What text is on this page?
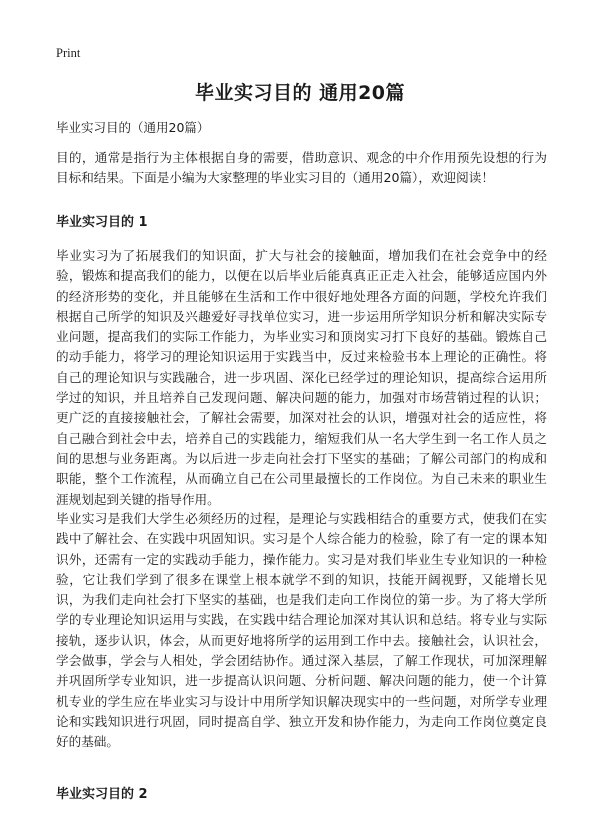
Print
毕业实习目的 通用20篇

毕业实习目的（通用20篇）

目的，通常是指行为主体根据自身的需要，借助意识、观念的中介作用预先设想的行为目标和结果。下面是小编为大家整理的毕业实习目的（通用20篇），欢迎阅读！

毕业实习目的 1

毕业实习为了拓展我们的知识面，扩大与社会的接触面，增加我们在社会竞争中的经验，锻炼和提高我们的能力，以便在以后毕业后能真真正正走入社会，能够适应国内外的经济形势的变化，并且能够在生活和工作中很好地处理各方面的问题，学校允许我们根据自己所学的知识及兴趣爱好寻找单位实习，进一步运用所学知识分析和解决实际专业问题，提高我们的实际工作能力，为毕业实习和顶岗实习打下良好的基础。锻炼自己的动手能力，将学习的理论知识运用于实践当中，反过来检验书本上理论的正确性。将自己的理论知识与实践融合，进一步巩固、深化已经学过的理论知识，提高综合运用所学过的知识，并且培养自己发现问题、解决问题的能力，加强对市场营销过程的认识；更广泛的直接接触社会，了解社会需要，加深对社会的认识，增强对社会的适应性，将自己融合到社会中去，培养自己的实践能力，缩短我们从一名大学生到一名工作人员之间的思想与业务距离。为以后进一步走向社会打下坚实的基础；了解公司部门的构成和职能，整个工作流程，从而确立自己在公司里最擅长的工作岗位。为自己未来的职业生涯规划起到关键的指导作用。

毕业实习是我们大学生必须经历的过程，是理论与实践相结合的重要方式，使我们在实践中了解社会、在实践中巩固知识。实习是个人综合能力的检验，除了有一定的课本知识外，还需有一定的实践动手能力，操作能力。实习是对我们毕业生专业知识的一种检验，它让我们学到了很多在课堂上根本就学不到的知识，技能开阔视野，又能增长见识，为我们走向社会打下坚实的基础，也是我们走向工作岗位的第一步。为了将大学所学的专业理论知识运用与实践，在实践中结合理论加深对其认识和总结。将专业与实际接轨，逐步认识，体会，从而更好地将所学的运用到工作中去。接触社会，认识社会，学会做事，学会与人相处，学会团结协作。通过深入基层，了解工作现状，可加深理解并巩固所学专业知识，进一步提高认识问题、分析问题、解决问题的能力，使一个计算机专业的学生应在毕业实习与设计中用所学知识解决现实中的一些问题，对所学专业理论和实践知识进行巩固，同时提高自学、独立开发和协作能力，为走向工作岗位奠定良好的基础。

毕业实习目的 2
